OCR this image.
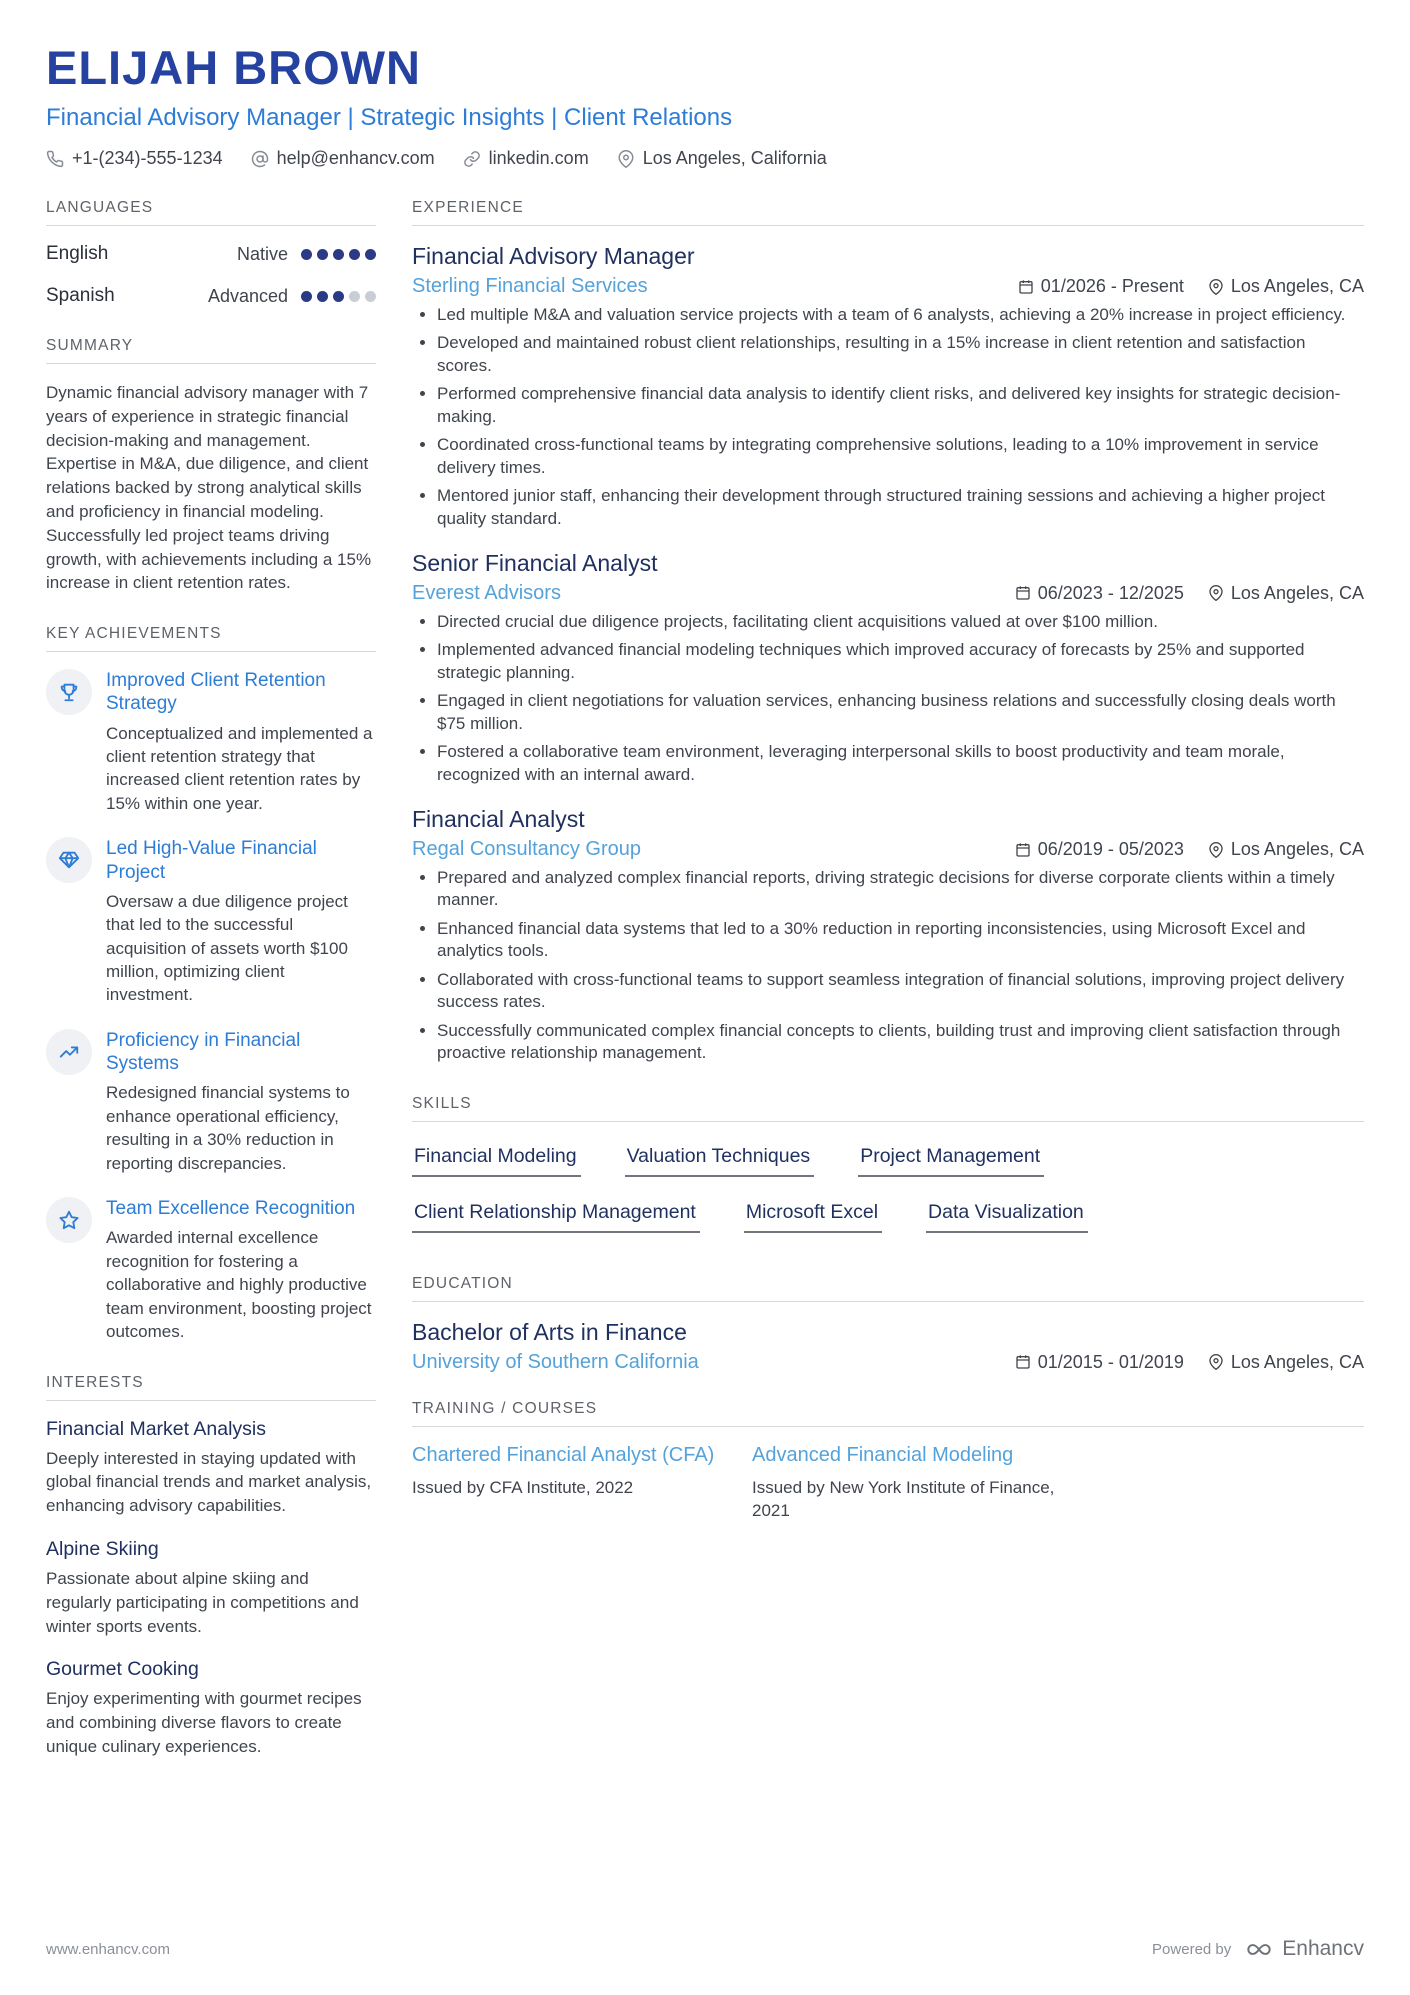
ELIJAH BROWN
Financial Advisory Manager | Strategic Insights | Client Relations
+1-(234)-555-1234	help@enhancv.com	linkedin.com	Los Angeles, California
LANGUAGES
English	Native
Spanish	Advanced
SUMMARY

Dynamic financial advisory manager with 7 years of experience in strategic financial decision-making and management. Expertise in M&A, due diligence, and client relations backed by strong analytical skills and proficiency in financial modeling. Successfully led project teams driving growth, with achievements including a 15% increase in client retention rates.

KEY ACHIEVEMENTS
Improved Client Retention Strategy
Conceptualized and implemented a client retention strategy that increased client retention rates by 15% within one year.
Led High-Value Financial Project
Oversaw a due diligence project that led to the successful acquisition of assets worth $100 million, optimizing client investment.
Proficiency in Financial Systems
Redesigned financial systems to enhance operational efficiency, resulting in a 30% reduction in reporting discrepancies.
Team Excellence Recognition
Awarded internal excellence recognition for fostering a collaborative and highly productive team environment, boosting project outcomes.
INTERESTS
Financial Market Analysis
Deeply interested in staying updated with global financial trends and market analysis, enhancing advisory capabilities.
Alpine Skiing
Passionate about alpine skiing and regularly participating in competitions and winter sports events.
Gourmet Cooking
Enjoy experimenting with gourmet recipes and combining diverse flavors to create unique culinary experiences.
EXPERIENCE
Financial Advisory Manager
Sterling Financial Services	01/2026 - Present	Los Angeles, CA
• Led multiple M&A and valuation service projects with a team of 6 analysts, achieving a 20% increase in project efficiency.
• Developed and maintained robust client relationships, resulting in a 15% increase in client retention and satisfaction scores.
• Performed comprehensive financial data analysis to identify client risks, and delivered key insights for strategic decision-making.
• Coordinated cross-functional teams by integrating comprehensive solutions, leading to a 10% improvement in service delivery times.
• Mentored junior staff, enhancing their development through structured training sessions and achieving a higher project quality standard.
Senior Financial Analyst
Everest Advisors	06/2023 - 12/2025	Los Angeles, CA
• Directed crucial due diligence projects, facilitating client acquisitions valued at over $100 million.
• Implemented advanced financial modeling techniques which improved accuracy of forecasts by 25% and supported strategic planning.
• Engaged in client negotiations for valuation services, enhancing business relations and successfully closing deals worth $75 million.
• Fostered a collaborative team environment, leveraging interpersonal skills to boost productivity and team morale, recognized with an internal award.
Financial Analyst
Regal Consultancy Group	06/2019 - 05/2023	Los Angeles, CA
• Prepared and analyzed complex financial reports, driving strategic decisions for diverse corporate clients within a timely manner.
• Enhanced financial data systems that led to a 30% reduction in reporting inconsistencies, using Microsoft Excel and analytics tools.
• Collaborated with cross-functional teams to support seamless integration of financial solutions, improving project delivery success rates.
• Successfully communicated complex financial concepts to clients, building trust and improving client satisfaction through proactive relationship management.
SKILLS
Financial Modeling	Valuation Techniques	Project Management
Client Relationship Management	Microsoft Excel	Data Visualization
EDUCATION
Bachelor of Arts in Finance
University of Southern California	01/2015 - 01/2019	Los Angeles, CA
TRAINING / COURSES
Chartered Financial Analyst (CFA)
Issued by CFA Institute, 2022
Advanced Financial Modeling
Issued by New York Institute of Finance, 2021
www.enhancv.com	Powered by Enhancv
